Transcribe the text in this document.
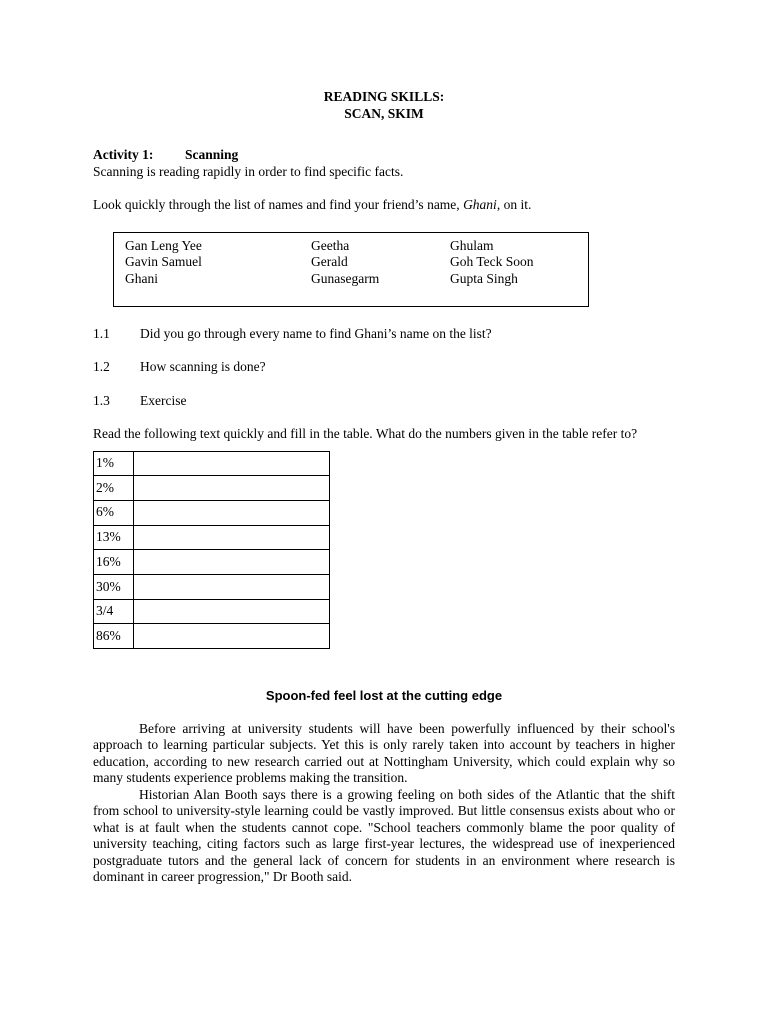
READING SKILLS:
SCAN, SKIM
Activity 1: Scanning

Scanning is reading rapidly in order to find specific facts.

Look quickly through the list of names and find your friend’s name, Ghani, on it.

Gan Leng Yee	Geetha	Ghulam
Gavin Samuel	Gerald	Goh Teck Soon
Ghani	Gunasegarm	Gupta Singh
1.1	Did you go through every name to find Ghani’s name on the list?
1.2	How scanning is done?
1.3	Exercise

Read the following text quickly and fill in the table. What do the numbers given in the table refer to?

1%	
2%	
6%	
13%	
16%	
30%	
3/4	
86%	
Spoon-fed feel lost at the cutting edge

Before arriving at university students will have been powerfully influenced by their school's approach to learning particular subjects. Yet this is only rarely taken into account by teachers in higher education, according to new research carried out at Nottingham University, which could explain why so many students experience problems making the transition.

Historian Alan Booth says there is a growing feeling on both sides of the Atlantic that the shift from school to university-style learning could be vastly improved. But little consensus exists about who or what is at fault when the students cannot cope. "School teachers commonly blame the poor quality of university teaching, citing factors such as large first-year lectures, the widespread use of inexperienced postgraduate tutors and the general lack of concern for students in an environment where research is dominant in career progression," Dr Booth said.
